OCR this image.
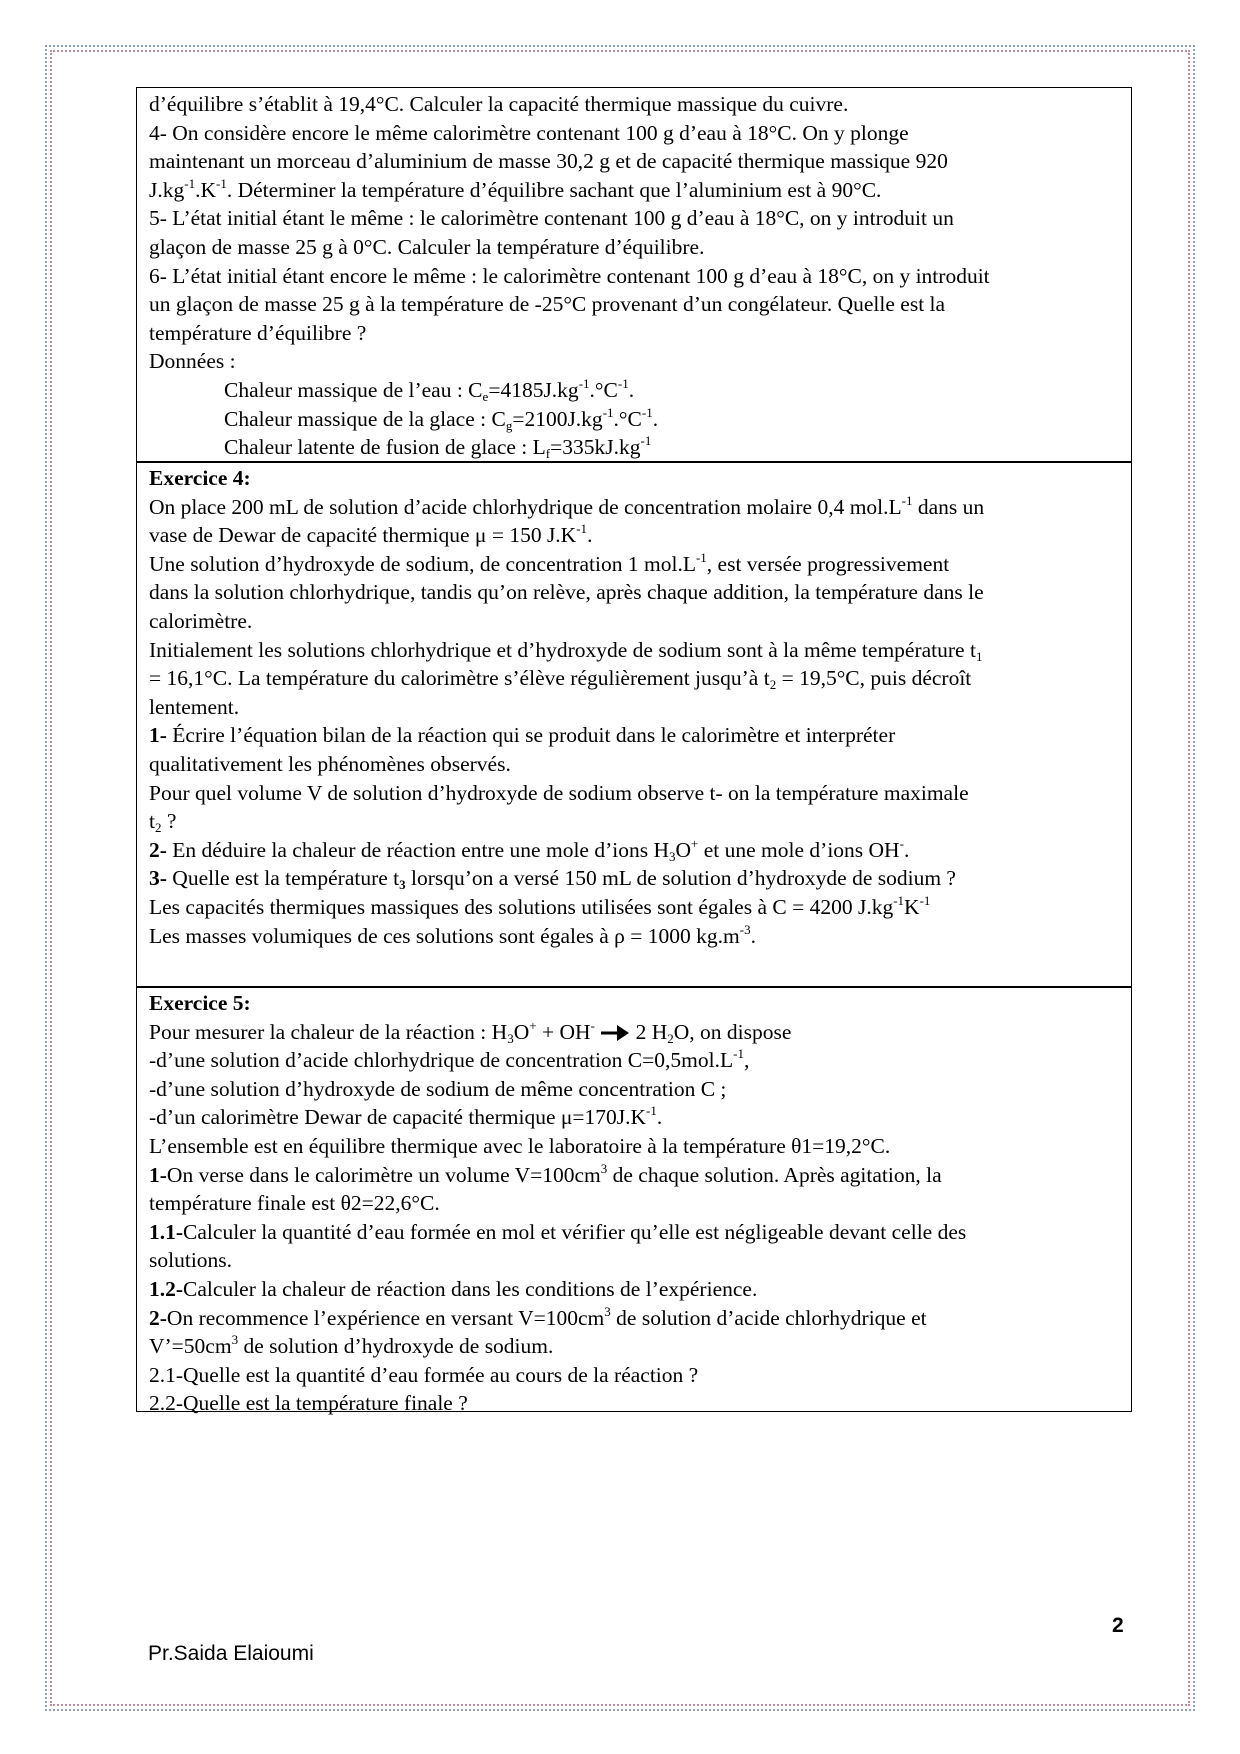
d’équilibre s’établit à 19,4°C. Calculer la capacité thermique massique du cuivre.

4- On considère encore le même calorimètre contenant 100 g d’eau à 18°C. On y plonge

maintenant un morceau d’aluminium de masse 30,2 g et de capacité thermique massique 920

$J.kg^{-1}.K^{-1}$. Déterminer la température d’équilibre sachant que l’aluminium est à 90°C.

5- L’état initial étant le même : le calorimètre contenant 100 g d’eau à 18°C, on y introduit un

glaçon de masse 25 g à 0°C. Calculer la température d’équilibre.

6- L’état initial étant encore le même : le calorimètre contenant 100 g d’eau à 18°C, on y introduit

un glaçon de masse 25 g à la température de -25°C provenant d’un congélateur. Quelle est la

température d’équilibre ?

Données :

Chaleur massique de l’eau : $C_e=4185J.kg^{-1}.^\circ C^{-1}$.

Chaleur massique de la glace : $C_g=2100J.kg^{-1}.^\circ C^{-1}$.

Chaleur latente de fusion de glace : $L_f=335kJ.kg^{-1}$

Exercice 4:

On place 200 mL de solution d’acide chlorhydrique de concentration molaire 0,4 $mol.L^{-1}$ dans un

vase de Dewar de capacité thermique μ = 150 $J.K^{-1}$.

Une solution d’hydroxyde de sodium, de concentration 1 $mol.L^{-1}$, est versée progressivement

dans la solution chlorhydrique, tandis qu’on relève, après chaque addition, la température dans le

calorimètre.

Initialement les solutions chlorhydrique et d’hydroxyde de sodium sont à la même température $t_1$

= 16,1°C. La température du calorimètre s’élève régulièrement jusqu’à $t_2 = 19,5^\circ C$, puis décroît

lentement.

1- Écrire l’équation bilan de la réaction qui se produit dans le calorimètre et interpréter

qualitativement les phénomènes observés.

Pour quel volume V de solution d’hydroxyde de sodium observe t- on la température maximale

$t_2$ ?

2- En déduire la chaleur de réaction entre une mole d’ions $H_3O^+$ et une mole d’ions OH-.

3- Quelle est la température $t_3$ lorsqu’on a versé 150 mL de solution d’hydroxyde de sodium ?

Les capacités thermiques massiques des solutions utilisées sont égales à C = 4200 $J.kg^{-1}K^{-1}$

Les masses volumiques de ces solutions sont égales à ρ = 1000 $kg.m^{-3}$.

Exercice 5:

Pour mesurer la chaleur de la réaction : $H_3O^+ + OH^- \to 2$ $H_2O$, on dispose

-d’une solution d’acide chlorhydrique de concentration $C=0,5mol.L^{-1}$,

-d’une solution d’hydroxyde de sodium de même concentration C ;

-d’un calorimètre Dewar de capacité thermique $\mu=170J.K^{-1}$.

L’ensemble est en équilibre thermique avec le laboratoire à la température θ1=19,2°C.

1-On verse dans le calorimètre un volume $V=100cm^3$ de chaque solution. Après agitation, la

température finale est θ2=22,6°C.

1.1-Calculer la quantité d’eau formée en mol et vérifier qu’elle est négligeable devant celle des

solutions.

1.2-Calculer la chaleur de réaction dans les conditions de l’expérience.

2-On recommence l’expérience en versant $V=100cm^3$ de solution d’acide chlorhydrique et

$V’=50cm^3$ de solution d’hydroxyde de sodium.

2.1-Quelle est la quantité d’eau formée au cours de la réaction ?

2.2-Quelle est la température finale ?

2
Pr.Saida Elaioumi
